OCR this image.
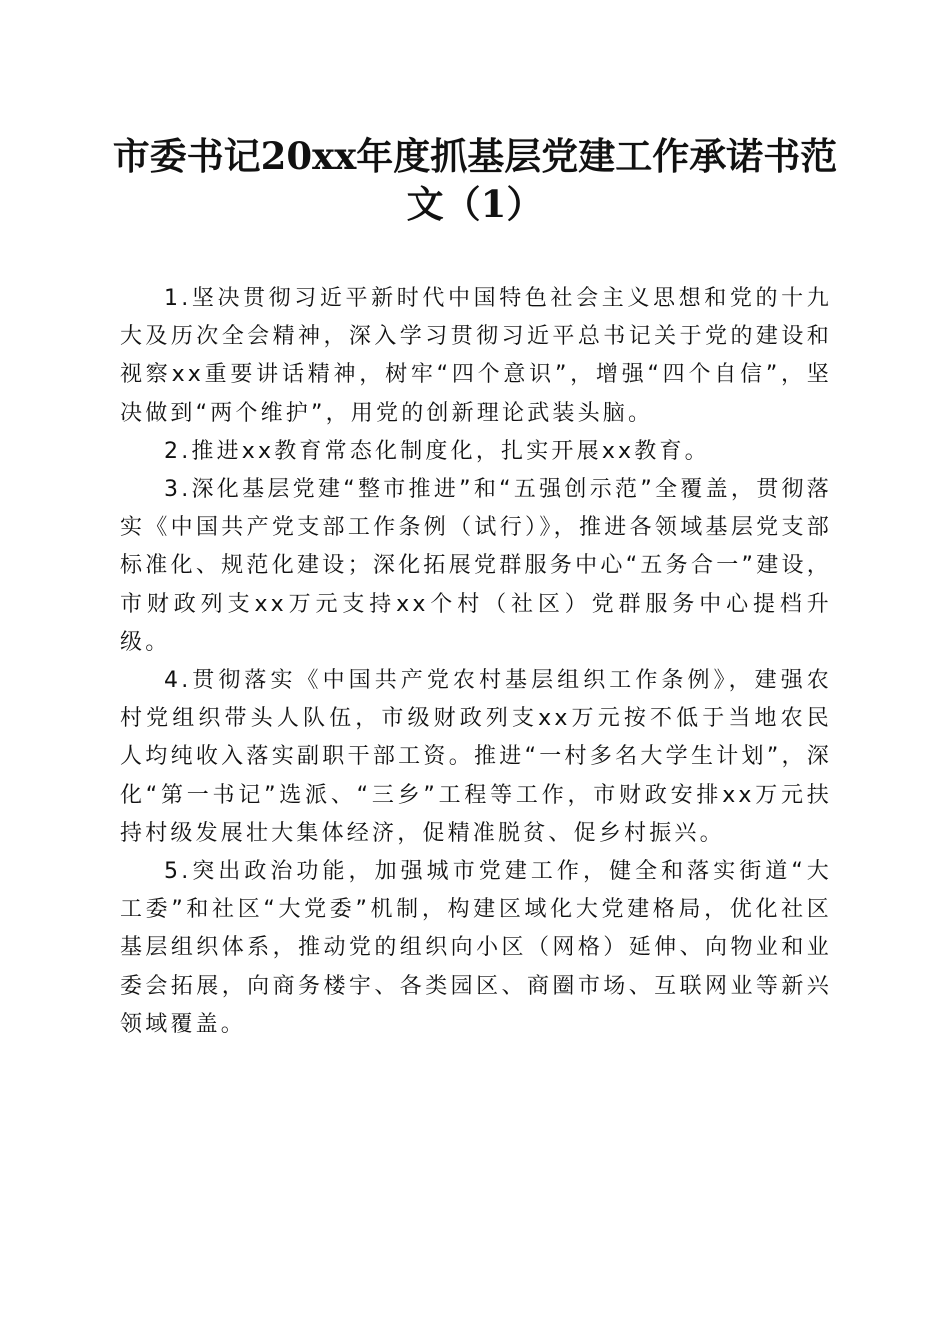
市委书记20xx年度抓基层党建工作承诺书范文（1）

1.坚决贯彻习近平新时代中国特色社会主义思想和党的十九大及历次全会精神，深入学习贯彻习近平总书记关于党的建设和视察xx重要讲话精神，树牢“四个意识”，增强“四个自信”，坚决做到“两个维护”，用党的创新理论武装头脑。

2.推进xx教育常态化制度化，扎实开展xx教育。

3.深化基层党建“整市推进”和“五强创示范”全覆盖，贯彻落实《中国共产党支部工作条例（试行）》，推进各领域基层党支部标准化、规范化建设；深化拓展党群服务中心“五务合一”建设，市财政列支xx万元支持xx个村（社区）党群服务中心提档升级。

4.贯彻落实《中国共产党农村基层组织工作条例》，建强农村党组织带头人队伍，市级财政列支xx万元按不低于当地农民人均纯收入落实副职干部工资。推进“一村多名大学生计划”，深化“第一书记”选派、“三乡”工程等工作，市财政安排xx万元扶持村级发展壮大集体经济，促精准脱贫、促乡村振兴。

5.突出政治功能，加强城市党建工作，健全和落实街道“大工委”和社区“大党委”机制，构建区域化大党建格局，优化社区基层组织体系，推动党的组织向小区（网格）延伸、向物业和业委会拓展，向商务楼宇、各类园区、商圈市场、互联网业等新兴领域覆盖。
